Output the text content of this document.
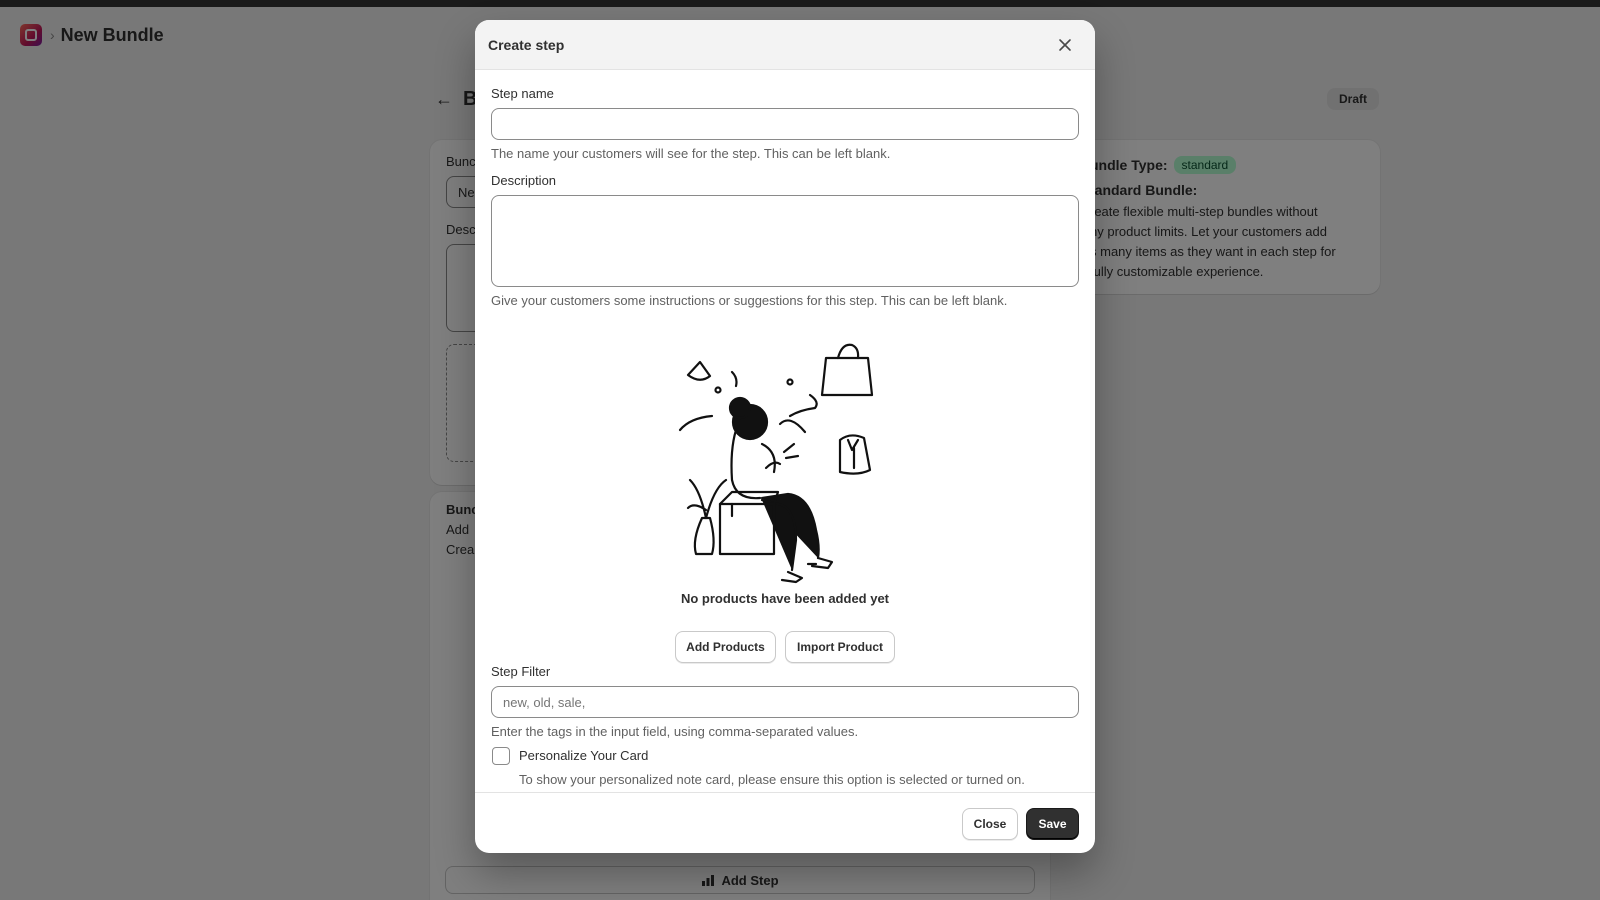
Create step
Step name
The name your customers will see for the step. This can be left blank.
Description
Give your customers some instructions or suggestions for this step. This can be left blank.
No products have been added yet
Add Products	Import Product
Step Filter
new, old, sale,
Enter the tags in the input field, using comma-separated values.
Personalize Your Card
To show your personalized note card, please ensure this option is selected or turned on.
Close	Save
